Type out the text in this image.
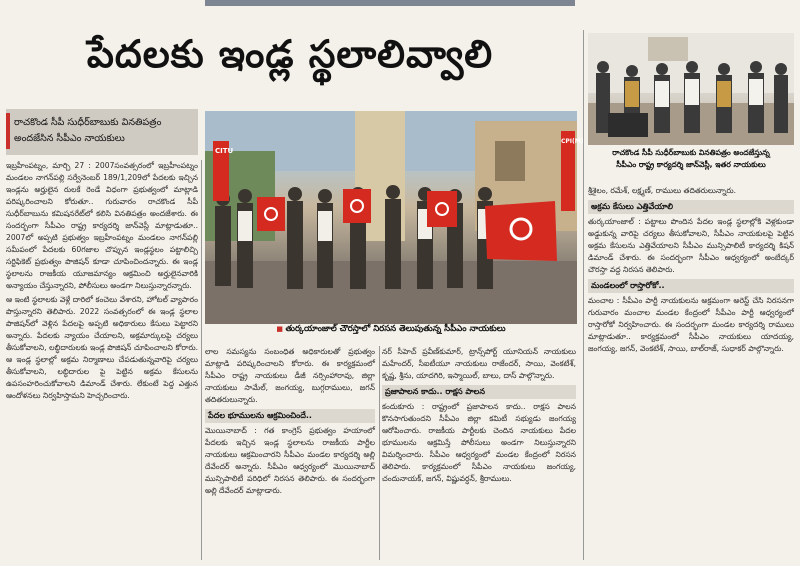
పేదలకు ఇండ్ల స్థలాలివ్వాలి
రాచకొండ సీపీ సుధీర్‌బాబుకు వినతిపత్రం
అందజేసిన సీపీఎం నాయకులు

ఇబ్రహీంపట్నం, మార్చి 27 : 2007సంవత్సరంలో ఇబ్రహీంపట్నం మండలం నాగన్‌పల్లి సర్వేనెంబర్ 189/1,209లో పేదలకు ఇచ్చిన ఇండ్లను అర్హులైన రులకే రెండే విధంగా ప్రభుత్వంలో మాట్లాడి పరిష్కరించాలని కోరుతూ.. గురువారం రాచకొండ సీపీ సుధీర్‌బాబును కమిషనరేట్‌లో కలిసి వినతిపత్రం అందజేశారు. ఈ సందర్భంగా సీపీఎం రాష్ట్ర కార్యదర్శి జాన్‌వెస్లీ మాట్లాడుతూ.. 2007లో అప్పటి ప్రభుత్వం ఇబ్రహీంపట్నం మండలం నాగన్‌పల్లి సమీపంలో పేదలకు 60గజాల చొప్పున ఇండ్లస్థలం పట్టాలిచ్చి సర్టిఫికెట్ ప్రభుత్వం పొజిషన్ కూడా చూపించిందన్నారు. ఈ ఇండ్ల స్థలాలను రాజకీయ యూజమాన్యం ఆక్రమించి అర్హులైనవారికి అన్యాయం చేస్తున్నారని, పోలీసులు అండగా నిలుస్తున్నారన్నారు.

ఆ ఇంటి స్థలాలకు వెళ్లే దారిలో కంచెలు వేశారని, హోటల్ వ్యాపారం పొస్తున్నారని తెలిపారు. 2022 సంవత్సరంలో ఈ ఇండ్ల స్థలాల పొజిషన్‌లో వెళ్లిన పేదలపై అప్పటి అధికారులు కేసులు పెట్టారని అన్నారు. పేదలకు న్యాయం చేయాలని, అక్రమార్కులపై చర్యలు తీసుకోవాలని, లబ్ధిదారులకు ఇండ్ల పొజిషన్ చూపించాలని కోరారు. ఆ ఇండ్ల స్థలాల్లో అక్రమ నిర్మాణాలు చేపడుతున్నవారిపై చర్యలు తీసుకోవాలని, లబ్ధిదారుల పై పెట్టిన అక్రమ కేసులను ఉపసంహరించుకోవాలని డిమాండ్ చేశారు. లేకుంటే పెద్ద ఎత్తున ఆందోళనలు నిర్వహిస్తామని హెచ్చరించారు.

CITU
CPI(M)
■ తుర్కయాంజాల్ చౌరస్తాలో నిరసన తెలుపుతున్న సీపీఎం నాయకులు
రాచకొండ సీపీ సుధీర్‌బాబుకు వినతిపత్రం అందజేస్తున్న
సీపీఎం రాష్ట్ర కార్యదర్శి జాన్‌వెస్లీ, ఇతర నాయకులు

లాల సమస్యను సంబంధిత అధికారులతో ప్రభుత్వం మాట్లాడి పరిష్కరించాలని కోరారు. ఈ కార్యక్రమంలో సీపీఎం రాష్ట్ర నాయకులు డీజీ నర్సింహారావు, జిల్లా నాయకులు సామేల్, జంగయ్య, బుగ్గరాములు, జగన్ తదితరులున్నారు.

పేదల భూములను ఆక్రమించిందే..

మొయినాబాద్ : గత కాంగ్రెస్ ప్రభుత్వం హయాంలో పేదలకు ఇచ్చిన ఇండ్ల స్థలాలను రాజకీయ పార్టీల నాయకులు ఆక్రమించారని సీపీఎం మండల కార్యదర్శి అల్లి దేవేందర్ అన్నారు. సీపీఎం ఆధ్వర్యంలో మొయినాబాద్ మున్సిపాలిటీ పరిధిలో నిరసన తెలిపారు. ఈ సందర్భంగా అల్లి దేవేందర్ మాట్లాడారు.

నర్ సీహెచ్ ప్రవీణ్‌కుమార్, ట్రాన్స్‌పోర్ట్ యూనియన్ నాయకులు మహేందర్, సీఐటీయూ నాయకులు రాజేందర్, సాయి, వెంకటేశ్, కృష్ణ, శ్రీను, యాదగిరి, ఇస్మాయిల్, బాలు, దాస్ పాల్గొన్నారు.

ప్రజాపాలన కాదు.. రాక్షస పాలన

కందుకూరు : రాష్ట్రంలో ప్రజాపాలన కాదు.. రాక్షస పాలన కొనసాగుతుందని సీపీఎం జిల్లా కమిటీ సభ్యుడు జంగయ్య ఆరోపించారు. రాజకీయ పార్టీలకు చెందిన నాయకులు పేదల భూములను ఆక్రమిస్తే పోలీసులు అండగా నిలుస్తున్నారని విమర్శించారు. సీపీఎం ఆధ్వర్యంలో మండల కేంద్రంలో నిరసన తెలిపారు. కార్యక్రమంలో సీపీఎం నాయకులు జంగయ్య, చందునాయక్, జగన్, విష్ణువర్ధన్, శ్రీరాములు.

శ్రీశైలం, రమేశ్, లక్ష్మణ్, రాములు తదితరులున్నారు.

అక్రమ కేసులు ఎత్తివేయాలి

తుర్కయాంజాల్ : పట్టాలు పొందిన పేదల ఇండ్ల స్థలాల్లోకి వెళ్లకుండా అడ్డుకున్న వారిపై చర్యలు తీసుకోవాలని, సీపీఎం నాయకులపై పెట్టిన అక్రమ కేసులను ఎత్తివేయాలని సీపీఎం మున్సిపాలిటీ కార్యదర్శి కిషన్ డిమాండ్ చేశారు. ఈ సందర్భంగా సీపీఎం ఆధ్వర్యంలో అంబేద్కర్ చౌరస్తా వద్ద నిరసన తెలిపారు.

మండలంలో రాస్తారోకో..

మంచాల : సీపీఎం పార్టీ నాయకులను అక్రమంగా అరెస్ట్ చేసి నిరసనగా గురువారం మంచాల మండల కేంద్రంలో సీపీఎం పార్టీ ఆధ్వర్యంలో రాస్తారోకో నిర్వహించారు. ఈ సందర్భంగా మండల కార్యదర్శి రాములు మాట్లాడుతూ.. కార్యక్రమంలో సీపీఎం నాయకులు యాదయ్య, జంగయ్య, జగన్, వెంకటేశ్, సాయి, బాల్‌రాజ్, సుధాకర్ పాల్గొన్నారు.
